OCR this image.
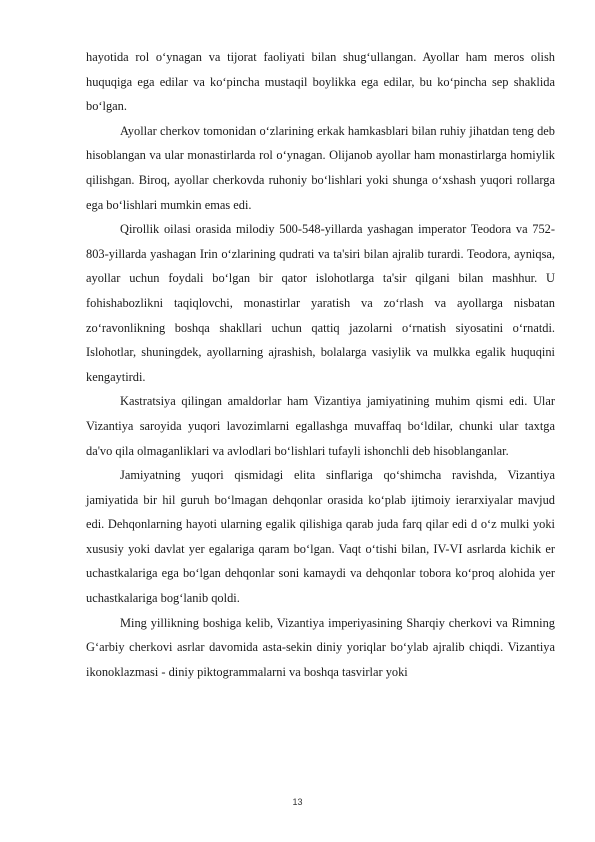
hayotida rol o‘ynagan va tijorat faoliyati bilan shug‘ullangan. Ayollar ham meros olish huquqiga ega edilar va ko‘pincha mustaqil boylikka ega edilar, bu ko‘pincha sep shaklida bo‘lgan.

Ayollar cherkov tomonidan o‘zlarining erkak hamkasblari bilan ruhiy jihatdan teng deb hisoblangan va ular monastirlarda rol o‘ynagan. Olijanob ayollar ham monastirlarga homiylik qilishgan. Biroq, ayollar cherkovda ruhoniy bo‘lishlari yoki shunga o‘xshash yuqori rollarga ega bo‘lishlari mumkin emas edi.

Qirollik oilasi orasida milodiy 500-548-yillarda yashagan imperator Teodora va 752-803-yillarda yashagan Irin o‘zlarining qudrati va ta'siri bilan ajralib turardi. Teodora, ayniqsa, ayollar uchun foydali bo‘lgan bir qator islohotlarga ta'sir qilgani bilan mashhur. U fohishabozlikni taqiqlovchi, monastirlar yaratish va zo‘rlash va ayollarga nisbatan zo‘ravonlikning boshqa shakllari uchun qattiq jazolarni o‘rnatish siyosatini o‘rnatdi. Islohotlar, shuningdek, ayollarning ajrashish, bolalarga vasiylik va mulkka egalik huquqini kengaytirdi.

Kastratsiya qilingan amaldorlar ham Vizantiya jamiyatining muhim qismi edi. Ular Vizantiya saroyida yuqori lavozimlarni egallashga muvaffaq bo‘ldilar, chunki ular taxtga da'vo qila olmaganliklari va avlodlari bo‘lishlari tufayli ishonchli deb hisoblanganlar.

Jamiyatning yuqori qismidagi elita sinflariga qo‘shimcha ravishda, Vizantiya jamiyatida bir hil guruh bo‘lmagan dehqonlar orasida ko‘plab ijtimoiy ierarxiyalar mavjud edi. Dehqonlarning hayoti ularning egalik qilishiga qarab juda farq qilar edi d o‘z mulki yoki xususiy yoki davlat yer egalariga qaram bo‘lgan. Vaqt o‘tishi bilan, IV-VI asrlarda kichik er uchastkalariga ega bo‘lgan dehqonlar soni kamaydi va dehqonlar tobora ko‘proq alohida yer uchastkalariga bog‘lanib qoldi.

Ming yillikning boshiga kelib, Vizantiya imperiyasining Sharqiy cherkovi va Rimning G‘arbiy cherkovi asrlar davomida asta-sekin diniy yoriqlar bo‘ylab ajralib chiqdi. Vizantiya ikonoklazmasi - diniy piktogrammalarni va boshqa tasvirlar yoki

13
